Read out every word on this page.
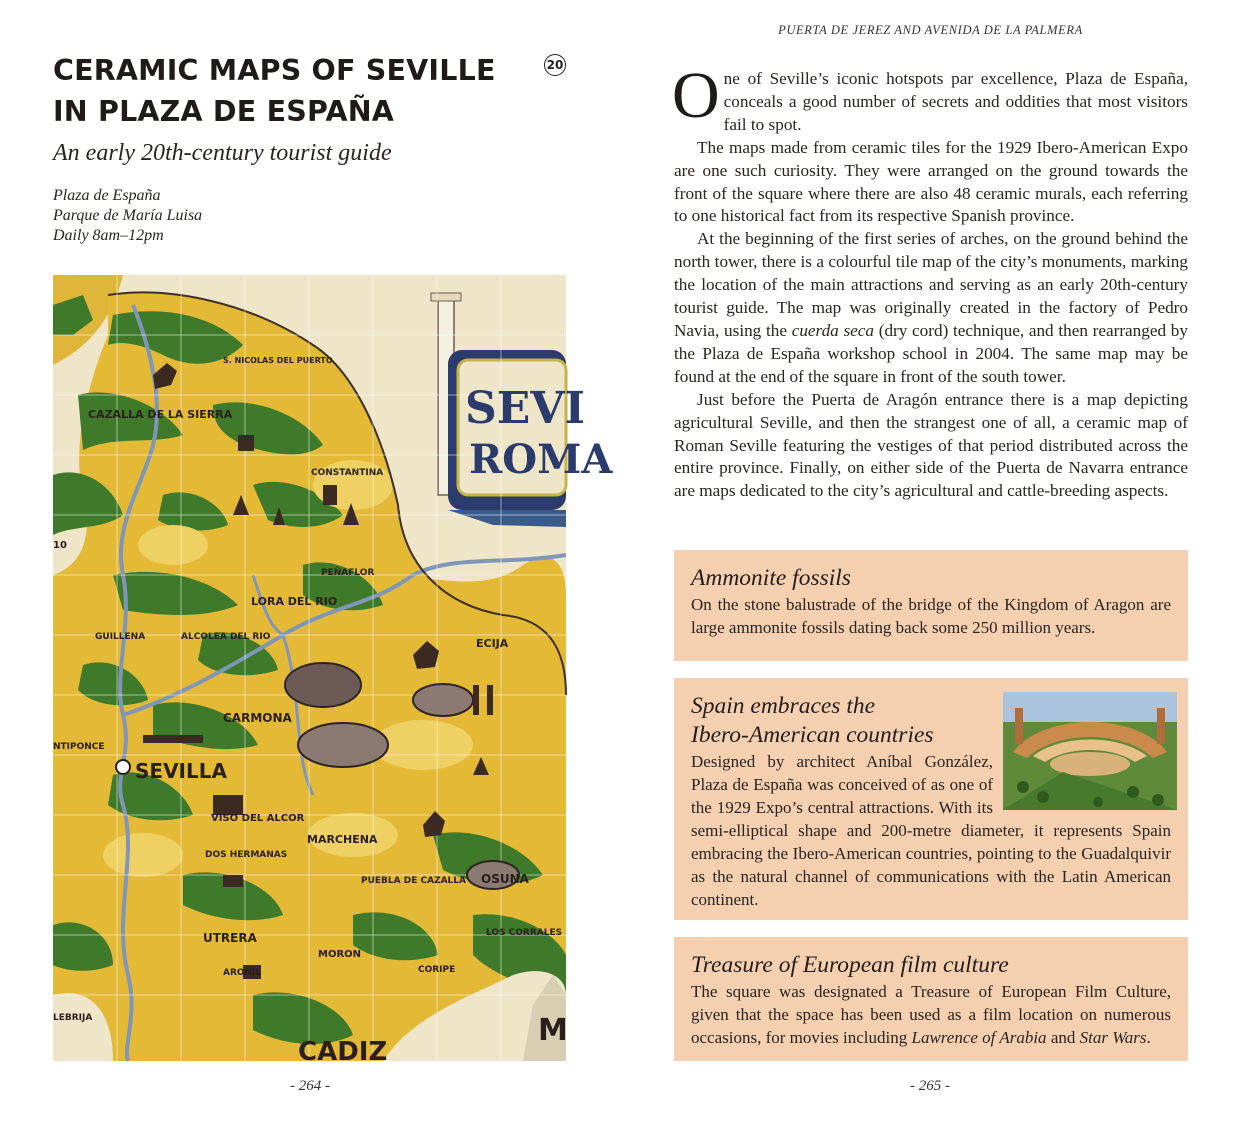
CERAMIC MAPS OF SEVILLE
IN PLAZA DE ESPAÑA
20
An early 20th-century tourist guide
Plaza de España
Parque de María Luisa
Daily 8am–12pm
SEVILLA
CARMONA
ECIJA
LORA DEL RIO
ALCOLEA DEL RIO
GUILLENA
CAZALLA DE LA SIERRA
S. NICOLAS DEL PUERTO
CONSTANTINA
PEÑAFLOR
VISO DEL ALCOR
MARCHENA
DOS HERMANAS
PUEBLA DE CAZALLA OSUNA
UTRERA
MORON
CORIPE
LOS CORRALES
CADIZ
NTIPONCE
LEBRIJA
ARONIL
10
M
SEVI
ROMA
- 264 -
PUERTA DE JEREZ AND AVENIDA DE LA PALMERA

One of Seville’s iconic hotspots par excellence, Plaza de España, conceals a good number of secrets and oddities that most visitors fail to spot.

The maps made from ceramic tiles for the 1929 Ibero-American Expo are one such curiosity. They were arranged on the ground towards the front of the square where there are also 48 ceramic murals, each referring to one historical fact from its respective Spanish province.

At the beginning of the first series of arches, on the ground behind the north tower, there is a colourful tile map of the city’s monuments, marking the location of the main attractions and serving as an early 20th-century tourist guide. The map was originally created in the factory of Pedro Navia, using the cuerda seca (dry cord) technique, and then rearranged by the Plaza de España workshop school in 2004. The same map may be found at the end of the square in front of the south tower.

Just before the Puerta de Aragón entrance there is a map depicting agricultural Seville, and then the strangest one of all, a ceramic map of Roman Seville featuring the vestiges of that period distributed across the entire province. Finally, on either side of the Puerta de Navarra entrance are maps dedicated to the city’s agricultural and cattle-breeding aspects.

Ammonite fossils

On the stone balustrade of the bridge of the Kingdom of Aragon are large ammonite fossils dating back some 250 million years.

Spain embraces the
Ibero-American countries

Designed by architect Aníbal González, Plaza de España was conceived of as one of the 1929 Expo’s central attractions. With its semi-elliptical shape and 200-metre diameter, it represents Spain embracing the Ibero-American countries, pointing to the Guadalquivir as the natural channel of communications with the Latin American continent.

Treasure of European film culture

The square was designated a Treasure of European Film Culture, given that the space has been used as a film location on numerous occasions, for movies including Lawrence of Arabia and Star Wars.

- 265 -
